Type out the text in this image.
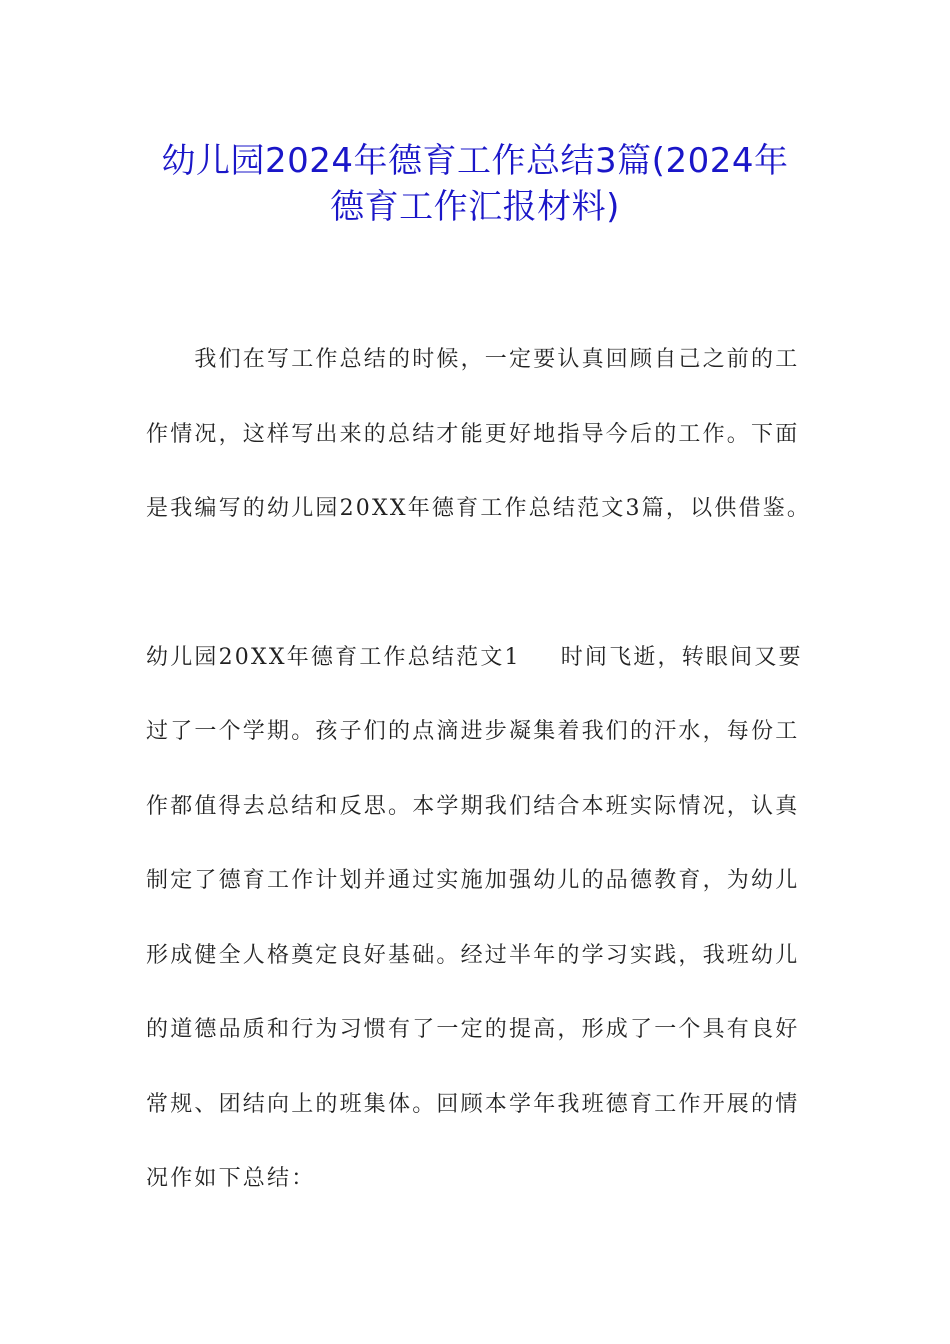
幼儿园2024年德育工作总结3篇(2024年
德育工作汇报材料)

　　我们在写工作总结的时候，一定要认真回顾自己之前的工

作情况，这样写出来的总结才能更好地指导今后的工作。下面

是我编写的幼儿园20XX年德育工作总结范文3篇，以供借鉴。

幼儿园20XX年德育工作总结范文1 时间飞逝，转眼间又要

过了一个学期。孩子们的点滴进步凝集着我们的汗水，每份工

作都值得去总结和反思。本学期我们结合本班实际情况，认真

制定了德育工作计划并通过实施加强幼儿的品德教育，为幼儿

形成健全人格奠定良好基础。经过半年的学习实践，我班幼儿

的道德品质和行为习惯有了一定的提高，形成了一个具有良好

常规、团结向上的班集体。回顾本学年我班德育工作开展的情

况作如下总结：
